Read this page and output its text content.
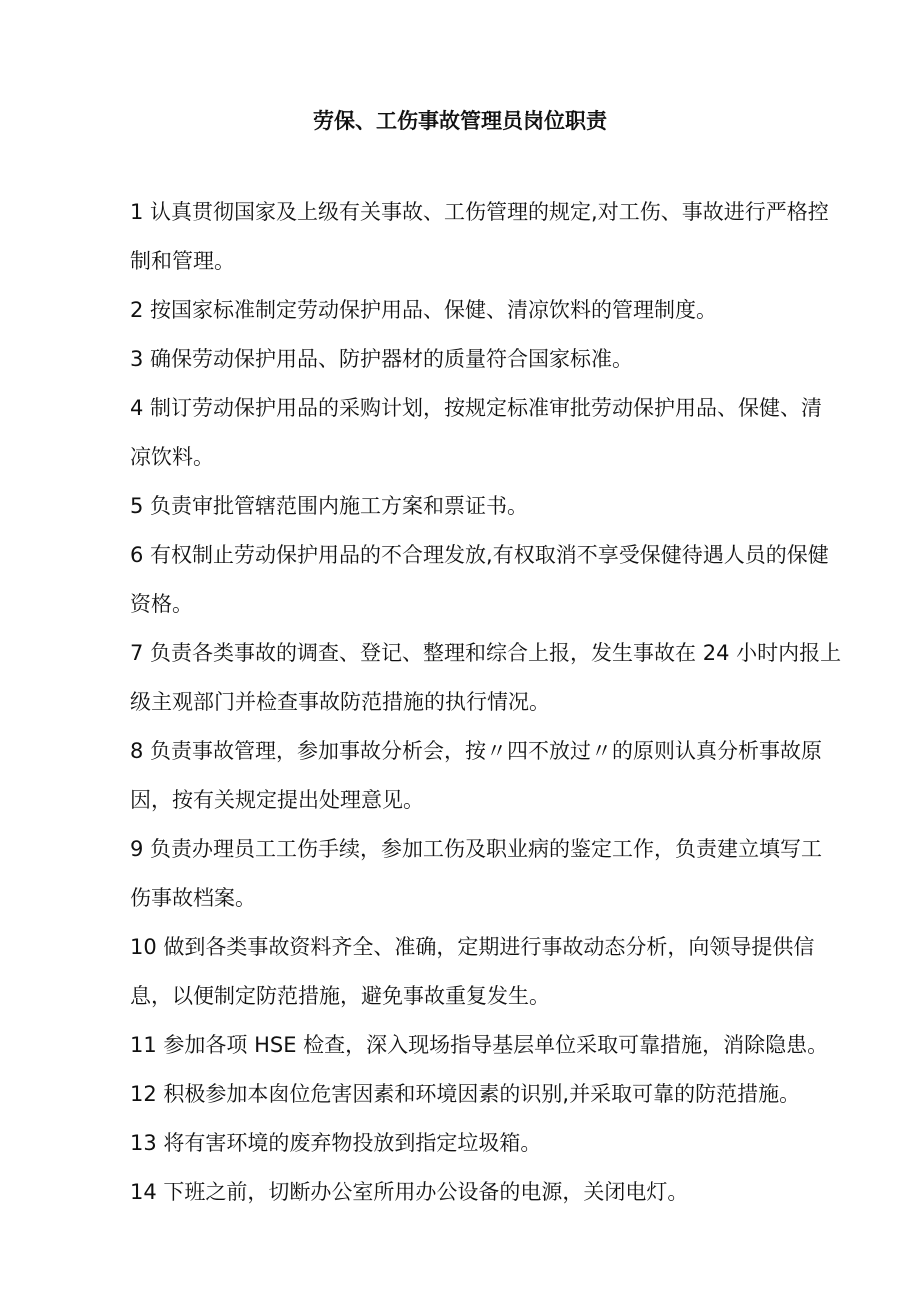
劳保、工伤事故管理员岗位职责

1 认真贯彻国家及上级有关事故、工伤管理的规定,对工伤、事故进行严格控制和管理。

2 按国家标准制定劳动保护用品、保健、清凉饮料的管理制度。

3 确保劳动保护用品、防护器材的质量符合国家标准。

4 制订劳动保护用品的采购计划，按规定标准审批劳动保护用品、保健、清凉饮料。

5 负责审批管辖范围内施工方案和票证书。

6 有权制止劳动保护用品的不合理发放,有权取消不享受保健待遇人员的保健资格。

7 负责各类事故的调查、登记、整理和综合上报，发生事故在 24 小时内报上级主观部门并检查事故防范措施的执行情况。

8 负责事故管理，参加事故分析会，按〃四不放过〃的原则认真分析事故原因，按有关规定提出处理意见。

9 负责办理员工工伤手续，参加工伤及职业病的鉴定工作，负责建立填写工伤事故档案。

10 做到各类事故资料齐全、准确，定期进行事故动态分析，向领导提供信息，以便制定防范措施，避免事故重复发生。

11 参加各项 HSE 检查，深入现场指导基层单位采取可靠措施，消除隐患。

12 积极参加本囱位危害因素和环境因素的识别,并采取可靠的防范措施。

13 将有害环境的废弃物投放到指定垃圾箱。

14 下班之前，切断办公室所用办公设备的电源，关闭电灯。
